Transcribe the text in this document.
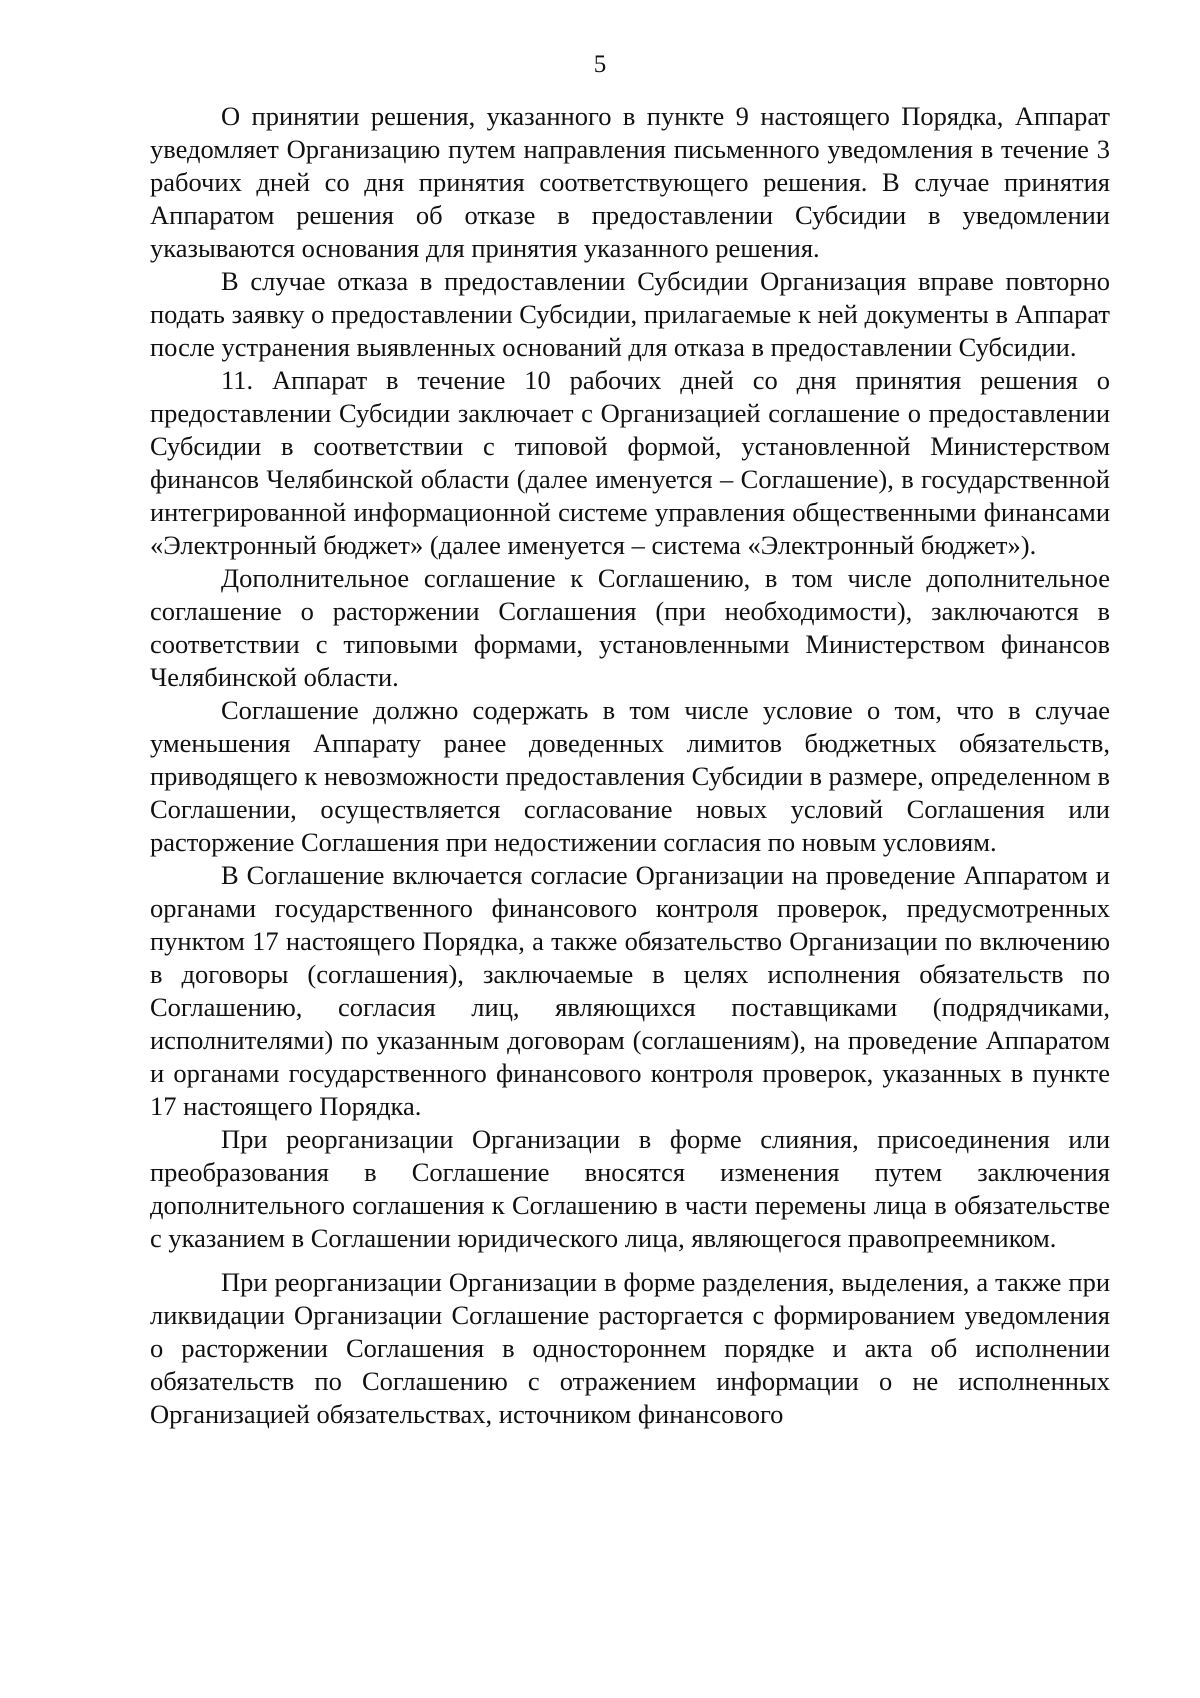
5

О принятии решения, указанного в пункте 9 настоящего Порядка, Аппарат уведомляет Организацию путем направления письменного уведомления в течение 3 рабочих дней со дня принятия соответствующего решения. В случае принятия Аппаратом решения об отказе в предоставлении Субсидии в уведомлении указываются основания для принятия указанного решения.

В случае отказа в предоставлении Субсидии Организация вправе повторно подать заявку о предоставлении Субсидии, прилагаемые к ней документы в Аппарат после устранения выявленных оснований для отказа в предоставлении Субсидии.

11. Аппарат в течение 10 рабочих дней со дня принятия решения о предоставлении Субсидии заключает с Организацией соглашение о предоставлении Субсидии в соответствии с типовой формой, установленной Министерством финансов Челябинской области (далее именуется – Соглашение), в государственной интегрированной информационной системе управления общественными финансами «Электронный бюджет» (далее именуется – система «Электронный бюджет»).

Дополнительное соглашение к Соглашению, в том числе дополнительное соглашение о расторжении Соглашения (при необходимости), заключаются в соответствии с типовыми формами, установленными Министерством финансов Челябинской области.

Соглашение должно содержать в том числе условие о том, что в случае уменьшения Аппарату ранее доведенных лимитов бюджетных обязательств, приводящего к невозможности предоставления Субсидии в размере, определенном в Соглашении, осуществляется согласование новых условий Соглашения или расторжение Соглашения при недостижении согласия по новым условиям.

В Соглашение включается согласие Организации на проведение Аппаратом и органами государственного финансового контроля проверок, предусмотренных пунктом 17 настоящего Порядка, а также обязательство Организации по включению в договоры (соглашения), заключаемые в целях исполнения обязательств по Соглашению, согласия лиц, являющихся поставщиками (подрядчиками, исполнителями) по указанным договорам (соглашениям), на проведение Аппаратом и органами государственного финансового контроля проверок, указанных в пункте 17 настоящего Порядка.

При реорганизации Организации в форме слияния, присоединения или преобразования в Соглашение вносятся изменения путем заключения дополнительного соглашения к Соглашению в части перемены лица в обязательстве с указанием в Соглашении юридического лица, являющегося правопреемником.

При реорганизации Организации в форме разделения, выделения, а также при ликвидации Организации Соглашение расторгается с формированием уведомления о расторжении Соглашения в одностороннем порядке и акта об исполнении обязательств по Соглашению с отражением информации о не исполненных Организацией обязательствах, источником финансового
